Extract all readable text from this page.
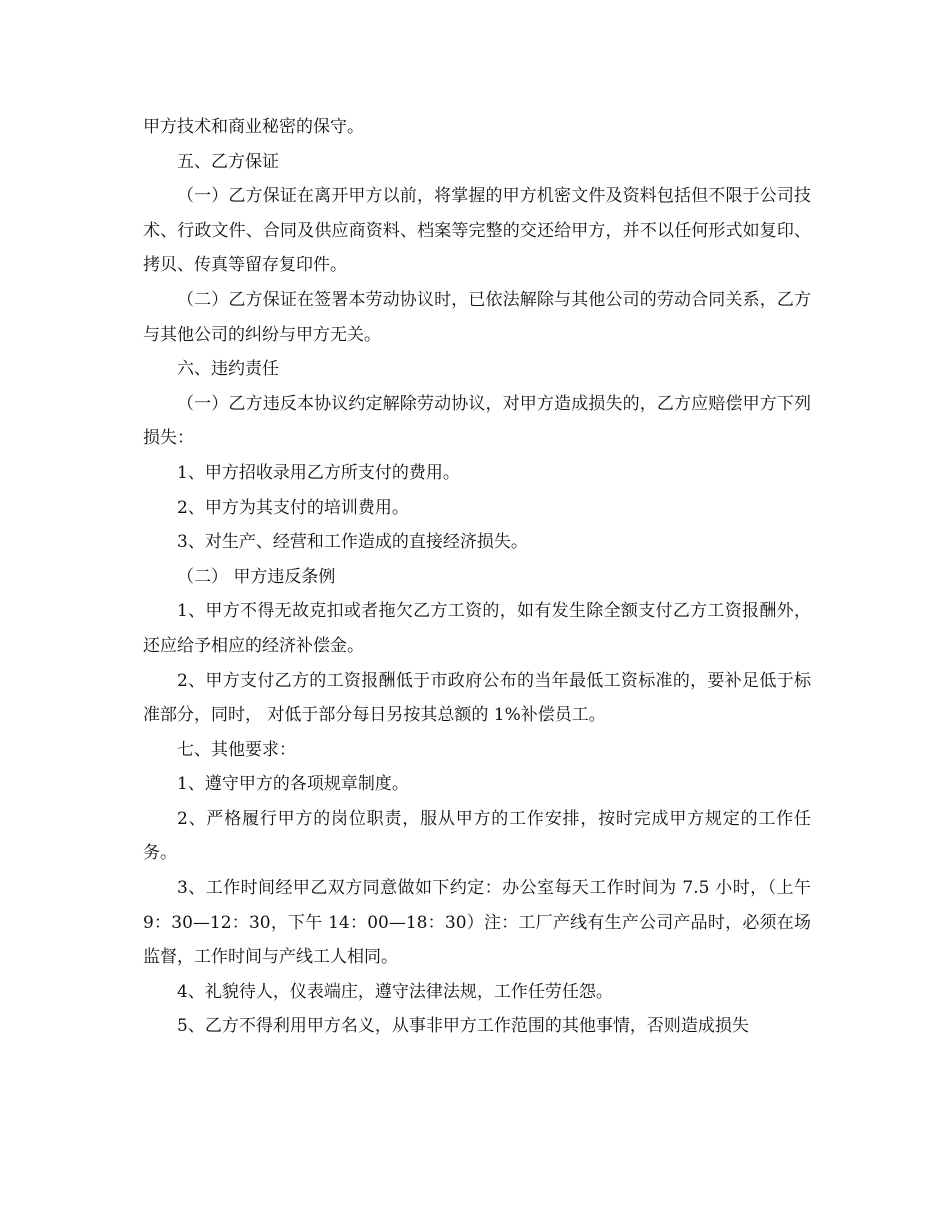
甲方技术和商业秘密的保守。

五、乙方保证

（一）乙方保证在离开甲方以前，将掌握的甲方机密文件及资料包括但不限于公司技术、行政文件、合同及供应商资料、档案等完整的交还给甲方，并不以任何形式如复印、拷贝、传真等留存复印件。

（二）乙方保证在签署本劳动协议时，已依法解除与其他公司的劳动合同关系，乙方与其他公司的纠纷与甲方无关。

六、违约责任

（一）乙方违反本协议约定解除劳动协议，对甲方造成损失的，乙方应赔偿甲方下列损失：

1、甲方招收录用乙方所支付的费用。

2、甲方为其支付的培训费用。

3、对生产、经营和工作造成的直接经济损失。

（二） 甲方违反条例

1、甲方不得无故克扣或者拖欠乙方工资的，如有发生除全额支付乙方工资报酬外，还应给予相应的经济补偿金。

2、甲方支付乙方的工资报酬低于市政府公布的当年最低工资标准的，要补足低于标准部分，同时， 对低于部分每日另按其总额的 1%补偿员工。

七、其他要求：

1、遵守甲方的各项规章制度。

2、严格履行甲方的岗位职责，服从甲方的工作安排，按时完成甲方规定的工作任务。

3、工作时间经甲乙双方同意做如下约定：办公室每天工作时间为 7.5 小时，（上午 9：30—12：30，下午 14：00—18：30）注：工厂产线有生产公司产品时，必须在场监督，工作时间与产线工人相同。

4、礼貌待人，仪表端庄，遵守法律法规，工作任劳任怨。

5、乙方不得利用甲方名义，从事非甲方工作范围的其他事情，否则造成损失
